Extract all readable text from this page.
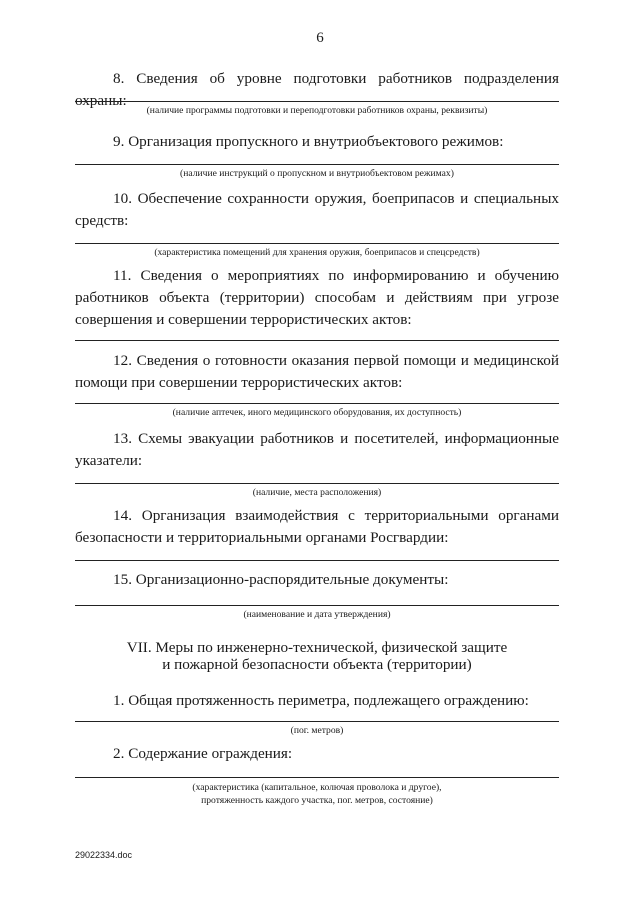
6
8. Сведения об уровне подготовки работников подразделения охраны:
(наличие программы подготовки и переподготовки работников охраны, реквизиты)
9. Организация пропускного и внутриобъектового режимов:
(наличие инструкций о пропускном и внутриобъектовом режимах)
10. Обеспечение сохранности оружия, боеприпасов и специальных средств:
(характеристика помещений для хранения оружия, боеприпасов и спецсредств)
11. Сведения о мероприятиях по информированию и обучению работников объекта (территории) способам и действиям при угрозе совершения и совершении террористических актов:
12. Сведения о готовности оказания первой помощи и медицинской помощи при совершении террористических актов:
(наличие аптечек, иного медицинского оборудования, их доступность)
13. Схемы эвакуации работников и посетителей, информационные указатели:
(наличие, места расположения)
14. Организация взаимодействия с территориальными органами безопасности и территориальными органами Росгвардии:
15. Организационно-распорядительные документы:
(наименование и дата утверждения)
VII. Меры по инженерно-технической, физической защите
и пожарной безопасности объекта (территории)
1. Общая протяженность периметра, подлежащего ограждению:
(пог. метров)
2. Содержание ограждения:
(характеристика (капитальное, колючая проволока и другое),
протяженность каждого участка, пог. метров, состояние)
29022334.doc
